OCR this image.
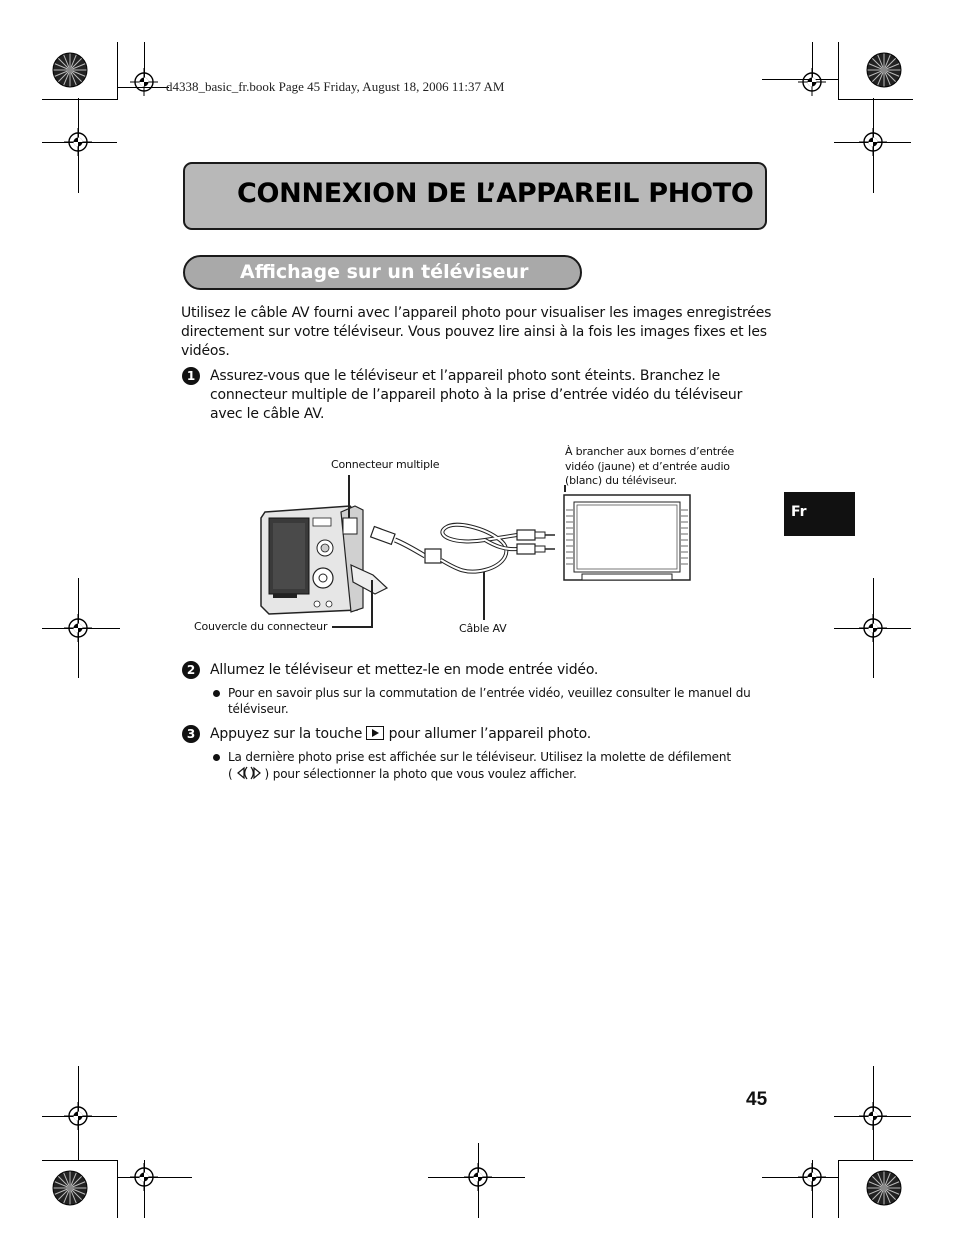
d4338_basic_fr.book Page 45 Friday, August 18, 2006 11:37 AM
CONNEXION DE L’APPAREIL PHOTO
Affichage sur un téléviseur
Utilisez le câble AV fourni avec l’appareil photo pour visualiser les images enregistrées
directement sur votre téléviseur. Vous pouvez lire ainsi à la fois les images fixes et les
vidéos.
1	Assurez-vous que le téléviseur et l’appareil photo sont éteints. Branchez le
connecteur multiple de l’appareil photo à la prise d’entrée vidéo du téléviseur
avec le câble AV.
Connecteur multiple
À brancher aux bornes d’entrée
vidéo (jaune) et d’entrée audio
(blanc) du téléviseur.
Couvercle du connecteur	Câble AV
2	Allumez le téléviseur et mettez-le en mode entrée vidéo.
Pour en savoir plus sur la commutation de l’entrée vidéo, veuillez consulter le manuel du
téléviseur.
3	Appuyez sur la touche pour allumer l’appareil photo.
La dernière photo prise est affichée sur le téléviseur. Utilisez la molette de défilement
(	) pour sélectionner la photo que vous voulez afficher.
Fr
45
